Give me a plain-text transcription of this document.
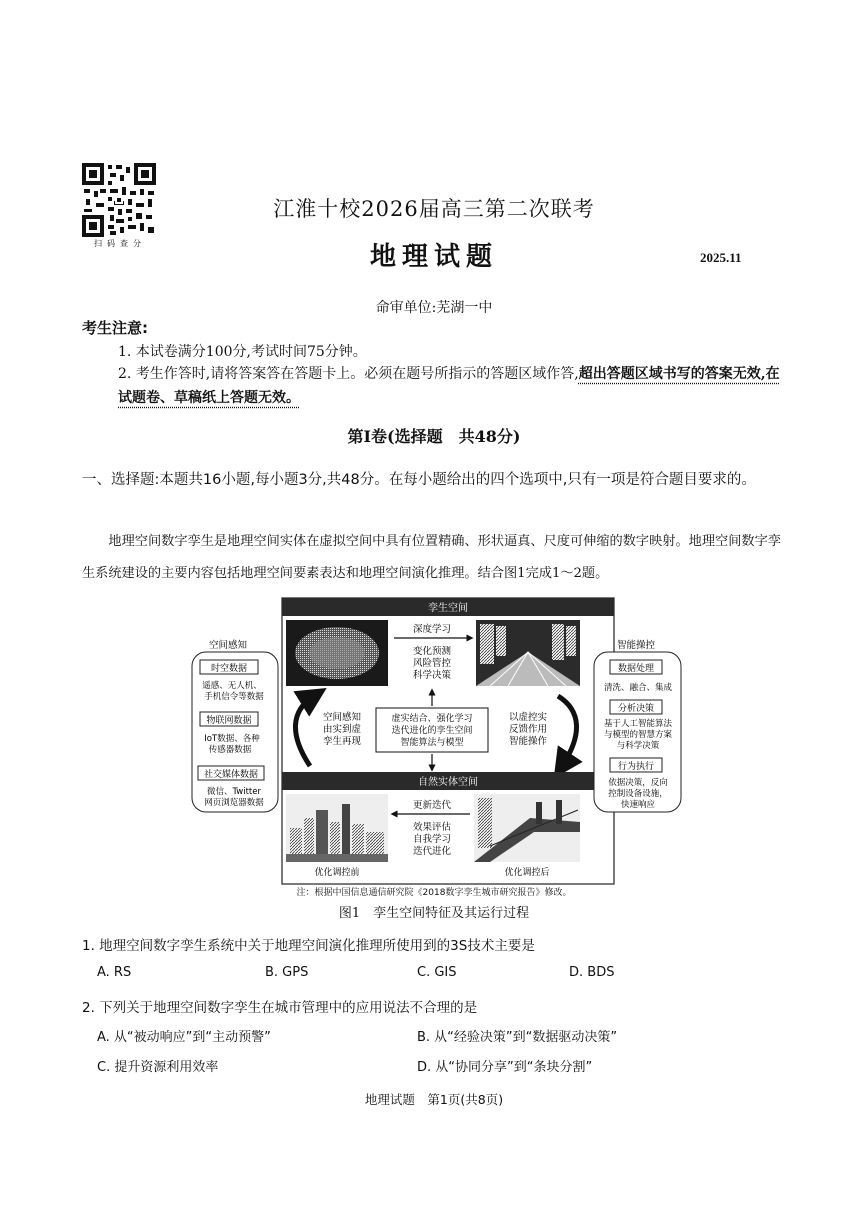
扫码查分
江淮十校2026届高三第二次联考
地理试题	2025.11
命审单位:芜湖一中
考生注意:
1. 本试卷满分100分,考试时间75分钟。
2. 考生作答时,请将答案答在答题卡上。必须在题号所指示的答题区域作答,超出答题区域书写的答案无效,在试题卷、草稿纸上答题无效。
第Ⅰ卷(选择题　共48分)
一、选择题:本题共16小题,每小题3分,共48分。在每小题给出的四个选项中,只有一项是符合题目要求的。
地理空间数字孪生是地理空间实体在虚拟空间中具有位置精确、形状逼真、尺度可伸缩的数字映射。地理空间数字孪生系统建设的主要内容包括地理空间要素表达和地理空间演化推理。结合图1完成1～2题。
孪生空间
深度学习
变化预测
风险管控
科学决策
空间感知
由实到虚
孪生再现
虚实结合、强化学习
迭代进化的孪生空间
智能算法与模型
以虚控实
反馈作用
智能操作
自然实体空间
优化调控前	优化调控后
更新迭代
效果评估
自我学习
迭代进化
空间感知
时空数据
遥感、无人机、
手机信令等数据
物联网数据
IoT数据、各种
传感器数据
社交媒体数据
微信、Twitter
网页浏览器数据
智能操控
数据处理
清洗、融合、集成
分析决策
基于人工智能算法
与模型的智慧方案
与科学决策
行为执行
依据决策，反向
控制设备设施，
快速响应
注：根据中国信息通信研究院《2018数字孪生城市研究报告》修改。
图1　孪生空间特征及其运行过程
1. 地理空间数字孪生系统中关于地理空间演化推理所使用到的3S技术主要是
A. RS	B. GPS	C. GIS	D. BDS
2. 下列关于地理空间数字孪生在城市管理中的应用说法不合理的是
A. 从“被动响应”到“主动预警”	B. 从“经验决策”到“数据驱动决策”
C. 提升资源利用效率	D. 从“协同分享”到“条块分割”
地理试题　第1页(共8页)
